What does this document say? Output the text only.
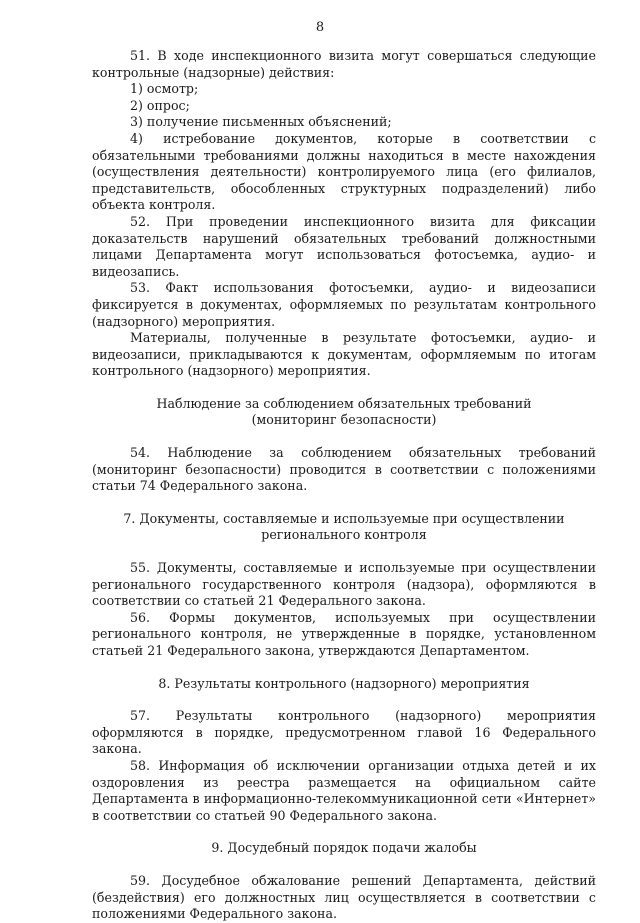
8

51. В ходе инспекционного визита могут совершаться следующие контрольные (надзорные) действия:

1) осмотр;

2) опрос;

3) получение письменных объяснений;

4) истребование документов, которые в соответствии с обязательными требованиями должны находиться в месте нахождения (осуществления деятельности) контролируемого лица (его филиалов, представительств, обособленных структурных подразделений) либо объекта контроля.

52. При проведении инспекционного визита для фиксации доказательств нарушений обязательных требований должностными лицами Департамента могут использоваться фотосъемка, аудио- и видеозапись.

53. Факт использования фотосъемки, аудио- и видеозаписи фиксируется в документах, оформляемых по результатам контрольного (надзорного) мероприятия.

Материалы, полученные в результате фотосъемки, аудио- и видеозаписи, прикладываются к документам, оформляемым по итогам контрольного (надзорного) мероприятия.

Наблюдение за соблюдением обязательных требований
(мониторинг безопасности)

54. Наблюдение за соблюдением обязательных требований (мониторинг безопасности) проводится в соответствии с положениями статьи 74 Федерального закона.

7. Документы, составляемые и используемые при осуществлении
регионального контроля

55. Документы, составляемые и используемые при осуществлении регионального государственного контроля (надзора), оформляются в соответствии со статьей 21 Федерального закона.

56. Формы документов, используемых при осуществлении регионального контроля, не утвержденные в порядке, установленном статьей 21 Федерального закона, утверждаются Департаментом.

8. Результаты контрольного (надзорного) мероприятия

57. Результаты контрольного (надзорного) мероприятия оформляются в порядке, предусмотренном главой 16 Федерального закона.

58. Информация об исключении организации отдыха детей и их оздоровления из реестра размещается на официальном сайте Департамента в информационно-телекоммуникационной сети «Интернет» в соответствии со статьей 90 Федерального закона.

9. Досудебный порядок подачи жалобы

59. Досудебное обжалование решений Департамента, действий (бездействия) его должностных лиц осуществляется в соответствии с положениями Федерального закона.
